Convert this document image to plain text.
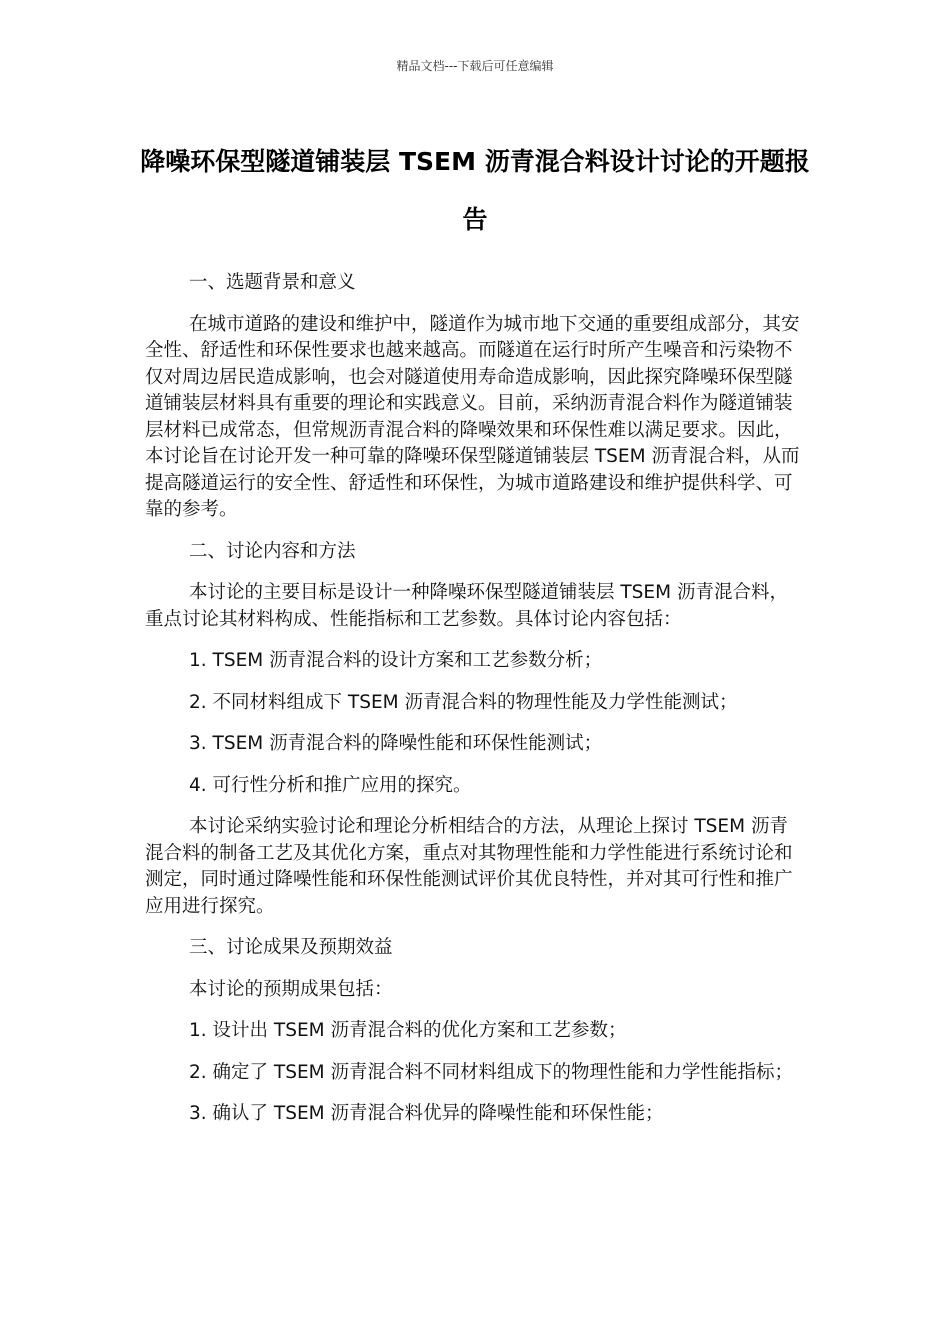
精品文档---下载后可任意编辑
降噪环保型隧道铺装层 TSEM 沥青混合料设计讨论的开题报告

一、选题背景和意义

在城市道路的建设和维护中，隧道作为城市地下交通的重要组成部分，其安全性、舒适性和环保性要求也越来越高。而隧道在运行时所产生噪音和污染物不仅对周边居民造成影响，也会对隧道使用寿命造成影响，因此探究降噪环保型隧道铺装层材料具有重要的理论和实践意义。目前，采纳沥青混合料作为隧道铺装层材料已成常态，但常规沥青混合料的降噪效果和环保性难以满足要求。因此，本讨论旨在讨论开发一种可靠的降噪环保型隧道铺装层 TSEM 沥青混合料，从而提高隧道运行的安全性、舒适性和环保性，为城市道路建设和维护提供科学、可靠的参考。

二、讨论内容和方法

本讨论的主要目标是设计一种降噪环保型隧道铺装层 TSEM 沥青混合料，重点讨论其材料构成、性能指标和工艺参数。具体讨论内容包括：

1. TSEM 沥青混合料的设计方案和工艺参数分析；

2. 不同材料组成下 TSEM 沥青混合料的物理性能及力学性能测试；

3. TSEM 沥青混合料的降噪性能和环保性能测试；

4. 可行性分析和推广应用的探究。

本讨论采纳实验讨论和理论分析相结合的方法，从理论上探讨 TSEM 沥青混合料的制备工艺及其优化方案，重点对其物理性能和力学性能进行系统讨论和测定，同时通过降噪性能和环保性能测试评价其优良特性，并对其可行性和推广应用进行探究。

三、讨论成果及预期效益

本讨论的预期成果包括：

1. 设计出 TSEM 沥青混合料的优化方案和工艺参数；

2. 确定了 TSEM 沥青混合料不同材料组成下的物理性能和力学性能指标；

3. 确认了 TSEM 沥青混合料优异的降噪性能和环保性能；
